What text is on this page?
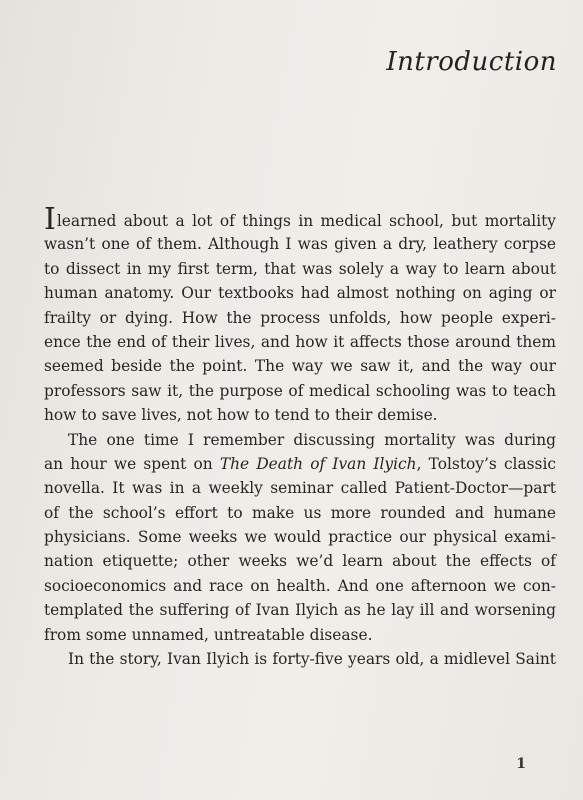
Introduction
Ilearned about a lot of things in medical school, but mortality
wasn’t one of them. Although I was given a dry, leathery corpse
to dissect in my first term, that was solely a way to learn about
human anatomy. Our textbooks had almost nothing on aging or
frailty or dying. How the process unfolds, how people experi-
ence the end of their lives, and how it affects those around them
seemed beside the point. The way we saw it, and the way our
professors saw it, the purpose of medical schooling was to teach
how to save lives, not how to tend to their demise.
The one time I remember discussing mortality was during
an hour we spent on The Death of Ivan Ilyich, Tolstoy’s classic
novella. It was in a weekly seminar called Patient-Doctor—part
of the school’s effort to make us more rounded and humane
physicians. Some weeks we would practice our physical exami-
nation etiquette; other weeks we’d learn about the effects of
socioeconomics and race on health. And one afternoon we con-
templated the suffering of Ivan Ilyich as he lay ill and worsening
from some unnamed, untreatable disease.
In the story, Ivan Ilyich is forty-five years old, a midlevel Saint
1
